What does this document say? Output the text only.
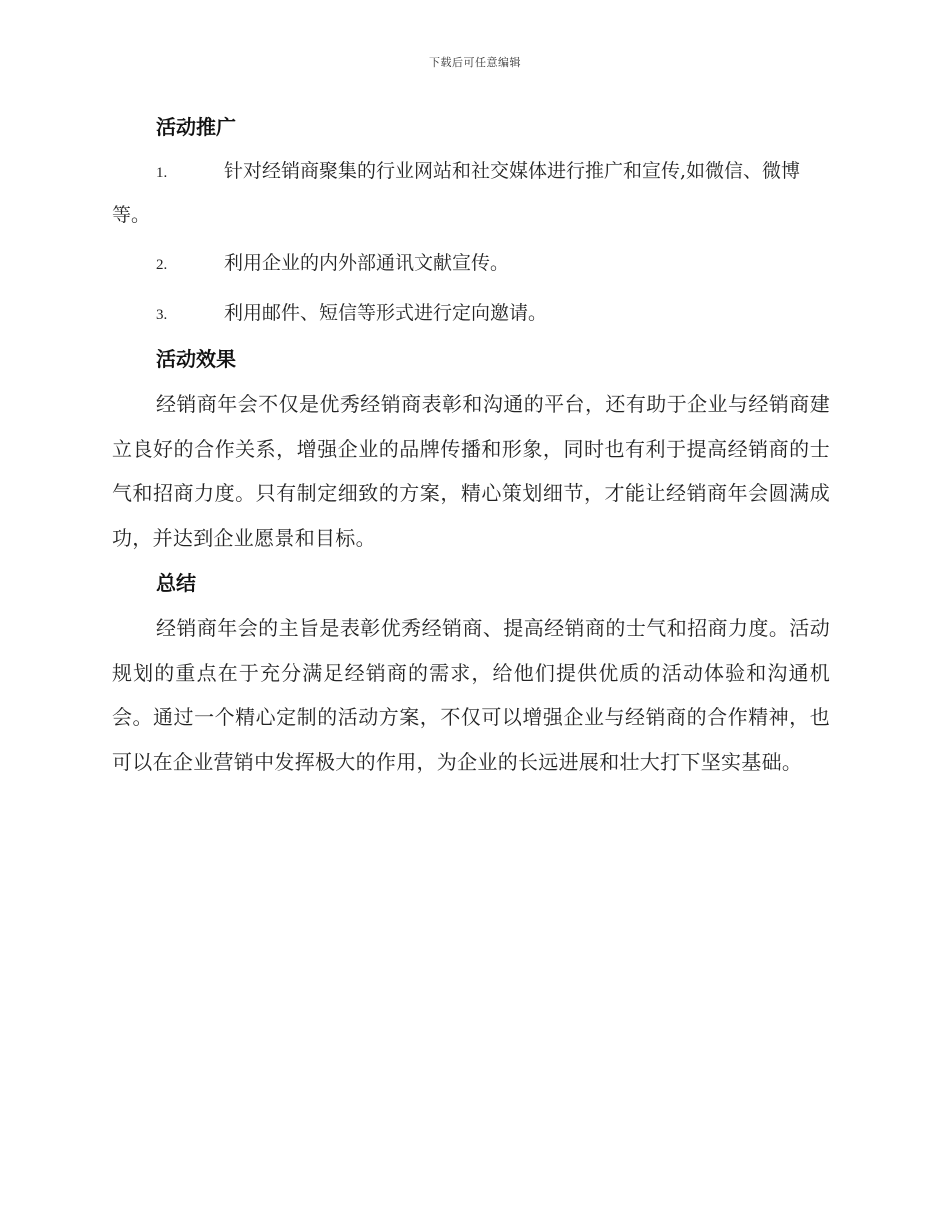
下载后可任意编辑
活动推广

1.	针对经销商聚集的行业网站和社交媒体进行推广和宣传,如微信、微博等。

2.	利用企业的内外部通讯文献宣传。

3.	利用邮件、短信等形式进行定向邀请。

活动效果

经销商年会不仅是优秀经销商表彰和沟通的平台，还有助于企业与经销商建立良好的合作关系，增强企业的品牌传播和形象，同时也有利于提高经销商的士气和招商力度。只有制定细致的方案，精心策划细节，才能让经销商年会圆满成功，并达到企业愿景和目标。

总结

经销商年会的主旨是表彰优秀经销商、提高经销商的士气和招商力度。活动规划的重点在于充分满足经销商的需求，给他们提供优质的活动体验和沟通机会。通过一个精心定制的活动方案，不仅可以增强企业与经销商的合作精神，也可以在企业营销中发挥极大的作用，为企业的长远进展和壮大打下坚实基础。
